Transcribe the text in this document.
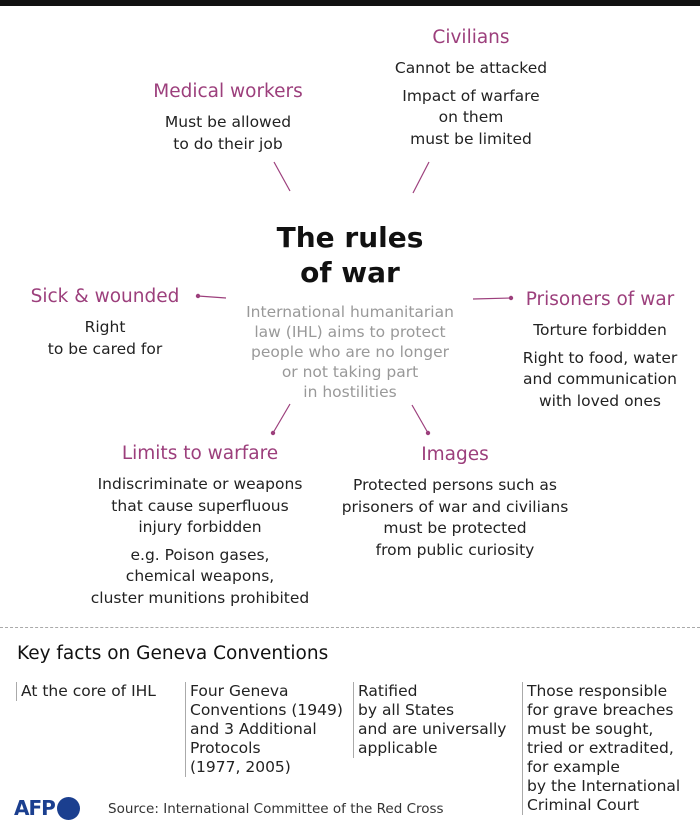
The rules
of war
International humanitarian
law (IHL) aims to protect
people who are no longer
or not taking part
in hostilities
Medical workers
Must be allowed
to do their job
Civilians
Cannot be attacked
Impact of warfare
on them
must be limited
Sick & wounded
Right
to be cared for
Prisoners of war
Torture forbidden
Right to food, water
and communication
with loved ones
Limits to warfare
Indiscriminate or weapons
that cause superfluous
injury forbidden
e.g. Poison gases,
chemical weapons,
cluster munitions prohibited
Images
Protected persons such as
prisoners of war and civilians
must be protected
from public curiosity
Key facts on Geneva Conventions
At the core of IHL Four Geneva
Conventions (1949)
and 3 Additional
Protocols
(1977, 2005)
Ratified
by all States
and are universally
applicable
Those responsible
for grave breaches
must be sought,
tried or extradited,
for example
by the International
Criminal Court
AFP	Source: International Committee of the Red Cross
